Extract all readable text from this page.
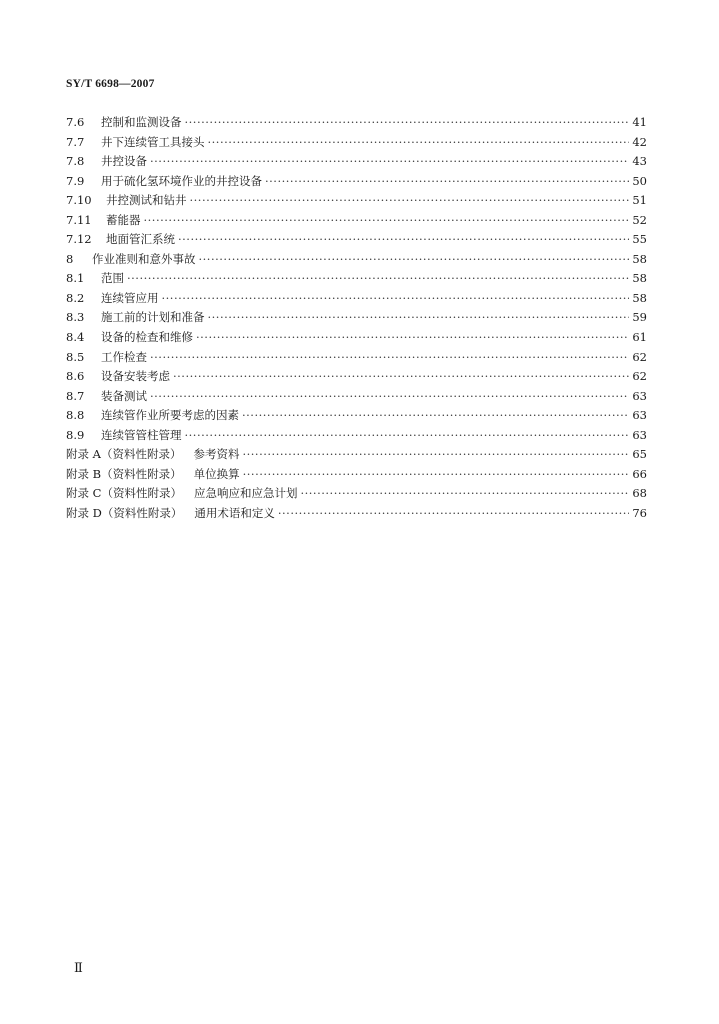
SY/T 6698—2007
7.6	控制和监测设备 ·····	41
7.7	井下连续管工具接头 ·····	42
7.8	井控设备 ·····	43
7.9	用于硫化氢环境作业的井控设备 ·····	50
7.10	井控测试和钻井 ·····	51
7.11	蓄能器 ·····	52
7.12	地面管汇系统 ·····	55
8	作业准则和意外事故 ·····	58
8.1	范围 ·····	58
8.2	连续管应用 ·····	58
8.3	施工前的计划和准备 ·····	59
8.4	设备的检查和维修 ·····	61
8.5	工作检查 ·····	62
8.6	设备安装考虑 ·····	62
8.7	装备测试 ·····	63
8.8	连续管作业所要考虑的因素 ·····	63
8.9	连续管管柱管理 ·····	63
附录 A（资料性附录） 参考资料 ·····	65
附录 B（资料性附录） 单位换算 ·····	66
附录 C（资料性附录） 应急响应和应急计划 ·····	68
附录 D（资料性附录） 通用术语和定义 ·····	76
Ⅱ
